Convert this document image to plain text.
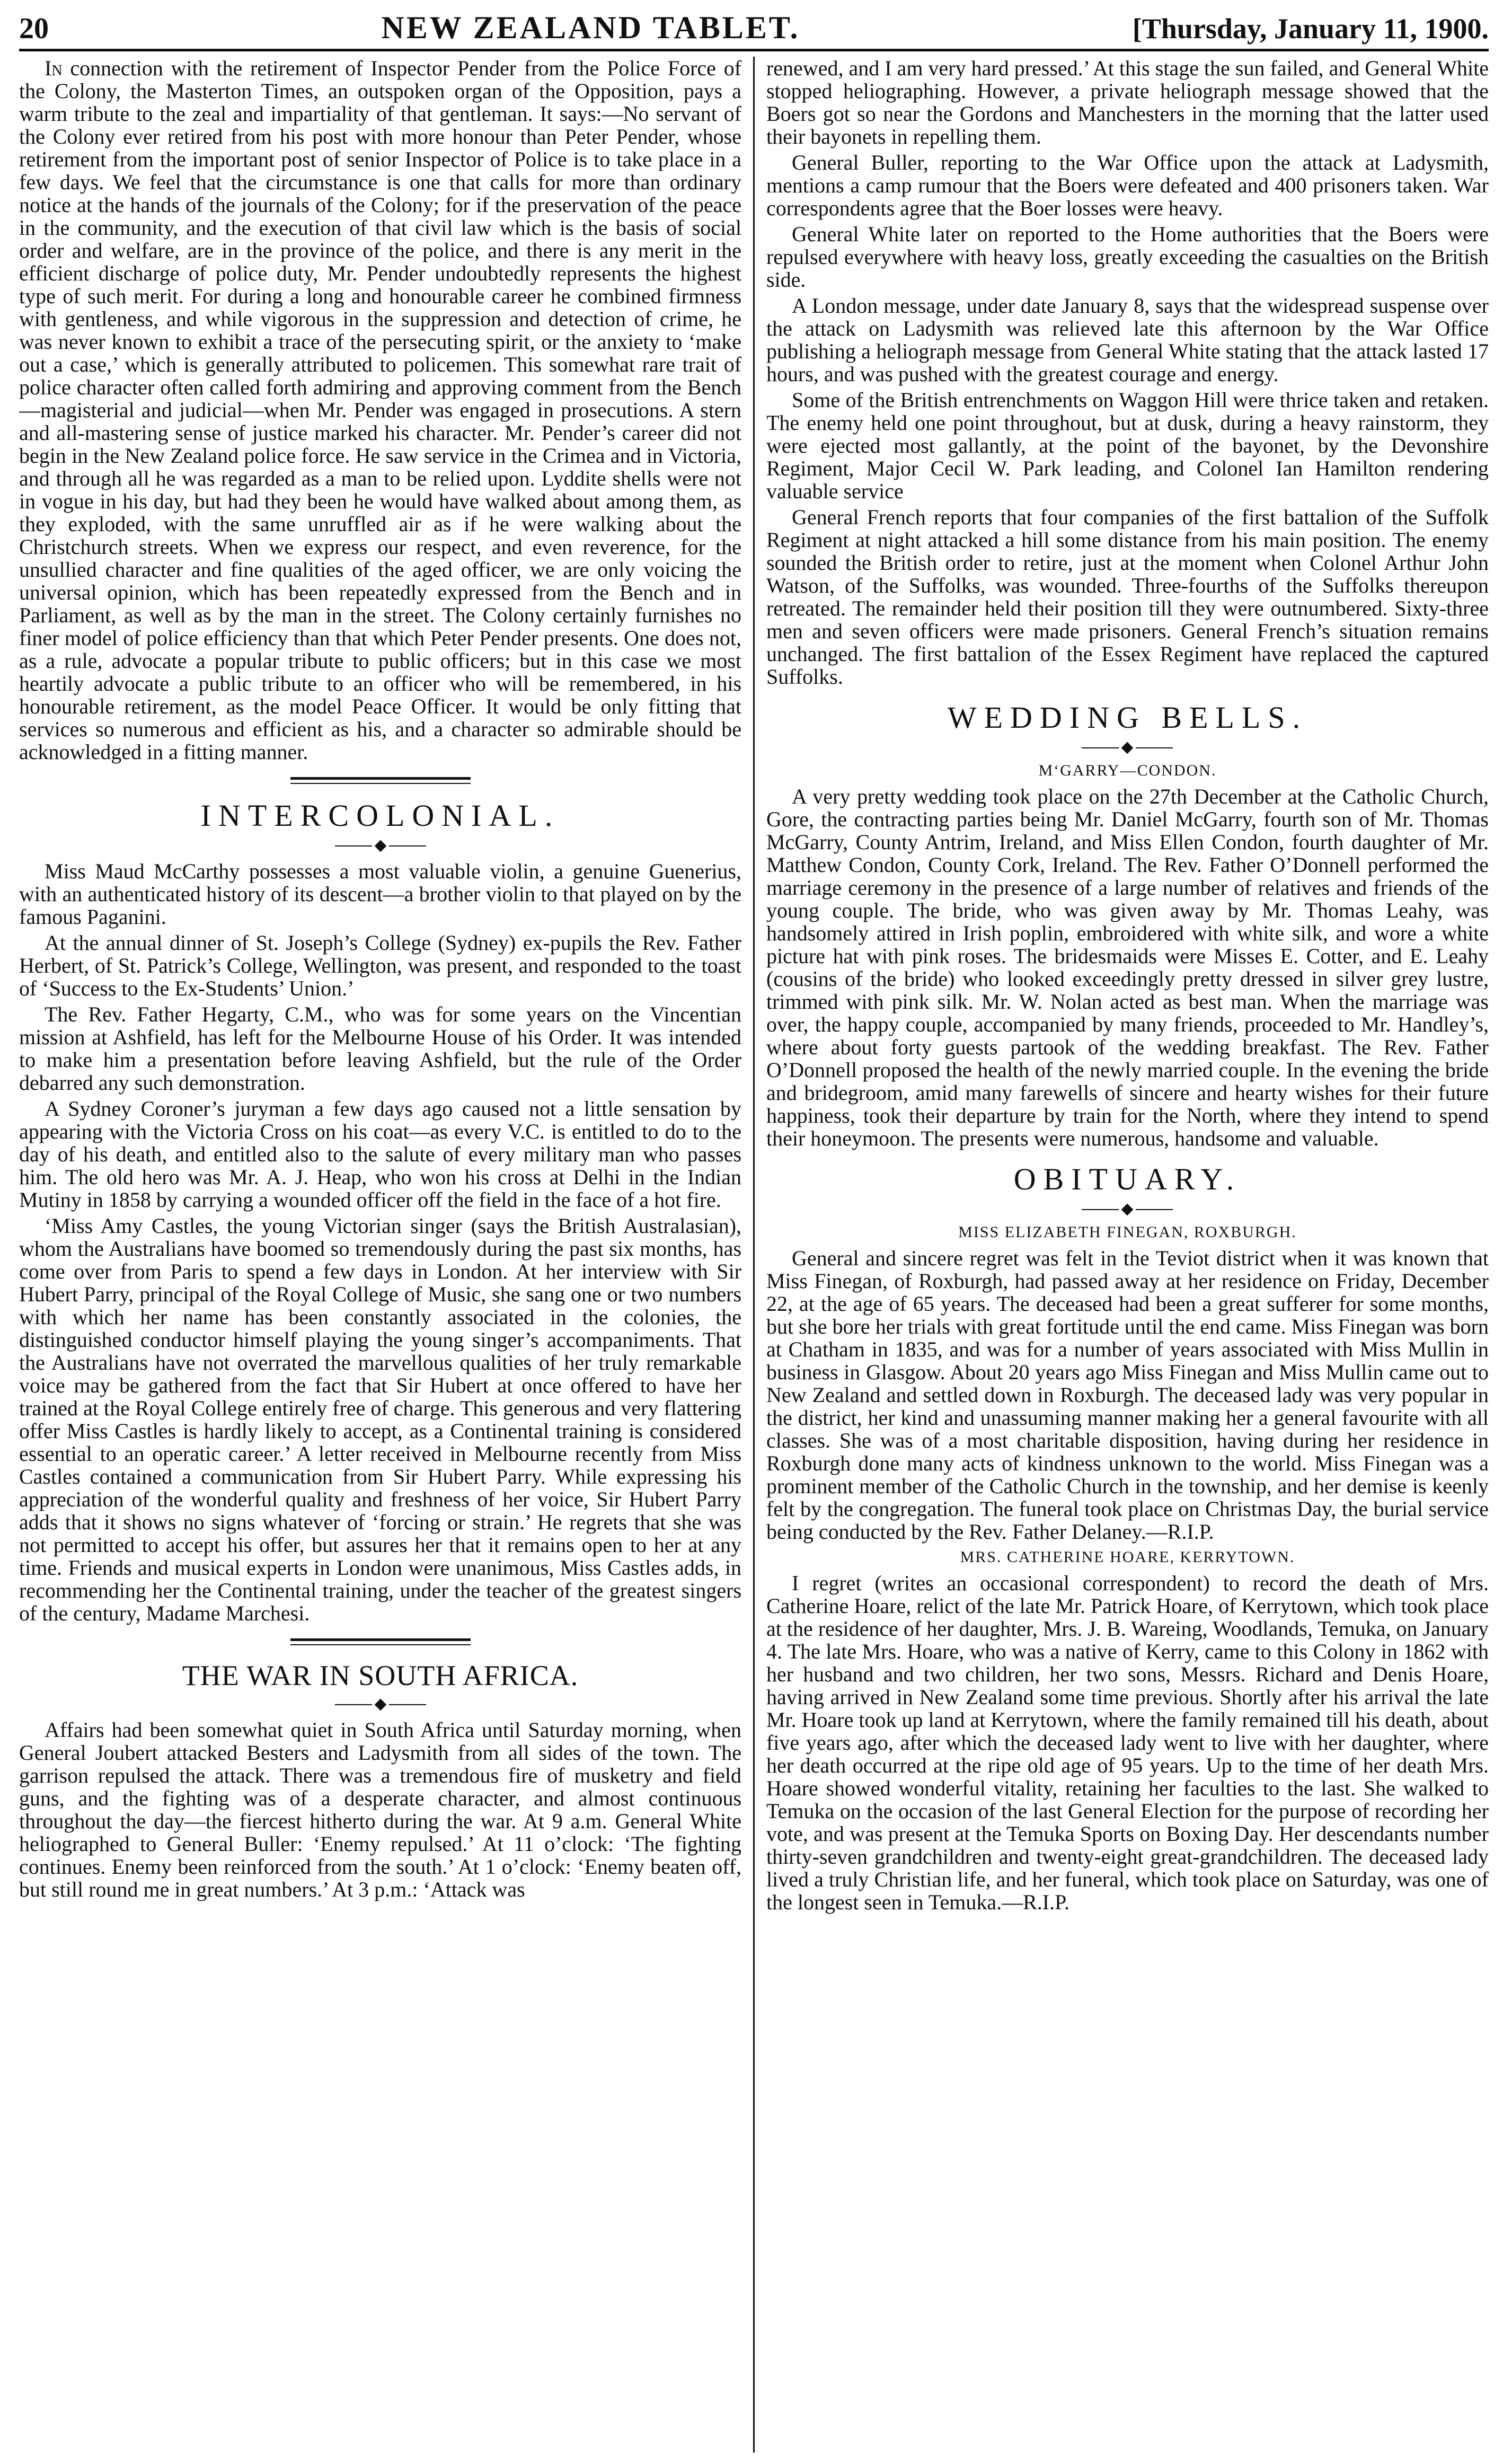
20	NEW ZEALAND TABLET.	[Thursday, January 11, 1900.

In connection with the retirement of Inspector Pender from the Police Force of the Colony, the Masterton Times, an outspoken organ of the Opposition, pays a warm tribute to the zeal and impartiality of that gentleman. It says:—No servant of the Colony ever retired from his post with more honour than Peter Pender, whose retirement from the important post of senior Inspector of Police is to take place in a few days. We feel that the circumstance is one that calls for more than ordinary notice at the hands of the journals of the Colony; for if the preservation of the peace in the community, and the execution of that civil law which is the basis of social order and welfare, are in the province of the police, and there is any merit in the efficient discharge of police duty, Mr. Pender undoubtedly represents the highest type of such merit. For during a long and honourable career he combined firmness with gentleness, and while vigorous in the suppression and detection of crime, he was never known to exhibit a trace of the persecuting spirit, or the anxiety to ‘make out a case,’ which is generally attributed to policemen. This somewhat rare trait of police character often called forth admiring and approving comment from the Bench—magisterial and judicial—when Mr. Pender was engaged in prosecutions. A stern and all-mastering sense of justice marked his character. Mr. Pender’s career did not begin in the New Zealand police force. He saw service in the Crimea and in Victoria, and through all he was regarded as a man to be relied upon. Lyddite shells were not in vogue in his day, but had they been he would have walked about among them, as they exploded, with the same unruffled air as if he were walking about the Christchurch streets. When we express our respect, and even reverence, for the unsullied character and fine qualities of the aged officer, we are only voicing the universal opinion, which has been repeatedly expressed from the Bench and in Parliament, as well as by the man in the street. The Colony certainly furnishes no finer model of police efficiency than that which Peter Pender presents. One does not, as a rule, advocate a popular tribute to public officers; but in this case we most heartily advocate a public tribute to an officer who will be remembered, in his honourable retirement, as the model Peace Officer. It would be only fitting that services so numerous and efficient as his, and a character so admirable should be acknowledged in a fitting manner.

INTERCOLONIAL.

Miss Maud McCarthy possesses a most valuable violin, a genuine Guenerius, with an authenticated history of its descent—a brother violin to that played on by the famous Paganini.

At the annual dinner of St. Joseph’s College (Sydney) ex-pupils the Rev. Father Herbert, of St. Patrick’s College, Wellington, was present, and responded to the toast of ‘Success to the Ex-Students’ Union.’

The Rev. Father Hegarty, C.M., who was for some years on the Vincentian mission at Ashfield, has left for the Melbourne House of his Order. It was intended to make him a presentation before leaving Ashfield, but the rule of the Order debarred any such demonstration.

A Sydney Coroner’s juryman a few days ago caused not a little sensation by appearing with the Victoria Cross on his coat—as every V.C. is entitled to do to the day of his death, and entitled also to the salute of every military man who passes him. The old hero was Mr. A. J. Heap, who won his cross at Delhi in the Indian Mutiny in 1858 by carrying a wounded officer off the field in the face of a hot fire.

‘Miss Amy Castles, the young Victorian singer (says the British Australasian), whom the Australians have boomed so tremendously during the past six months, has come over from Paris to spend a few days in London. At her interview with Sir Hubert Parry, principal of the Royal College of Music, she sang one or two numbers with which her name has been constantly associated in the colonies, the distinguished conductor himself playing the young singer’s accompaniments. That the Australians have not overrated the marvellous qualities of her truly remarkable voice may be gathered from the fact that Sir Hubert at once offered to have her trained at the Royal College entirely free of charge. This generous and very flattering offer Miss Castles is hardly likely to accept, as a Continental training is considered essential to an operatic career.’ A letter received in Melbourne recently from Miss Castles contained a communication from Sir Hubert Parry. While expressing his appreciation of the wonderful quality and freshness of her voice, Sir Hubert Parry adds that it shows no signs whatever of ‘forcing or strain.’ He regrets that she was not permitted to accept his offer, but assures her that it remains open to her at any time. Friends and musical experts in London were unanimous, Miss Castles adds, in recommending her the Continental training, under the teacher of the greatest singers of the century, Madame Marchesi.

THE WAR IN SOUTH AFRICA.

Affairs had been somewhat quiet in South Africa until Saturday morning, when General Joubert attacked Besters and Ladysmith from all sides of the town. The garrison repulsed the attack. There was a tremendous fire of musketry and field guns, and the fighting was of a desperate character, and almost continuous throughout the day—the fiercest hitherto during the war. At 9 a.m. General White heliographed to General Buller: ‘Enemy repulsed.’ At 11 o’clock: ‘The fighting continues. Enemy been reinforced from the south.’ At 1 o’clock: ‘Enemy beaten off, but still round me in great numbers.’ At 3 p.m.: ‘Attack was

renewed, and I am very hard pressed.’ At this stage the sun failed, and General White stopped heliographing. However, a private heliograph message showed that the Boers got so near the Gordons and Manchesters in the morning that the latter used their bayonets in repelling them.

General Buller, reporting to the War Office upon the attack at Ladysmith, mentions a camp rumour that the Boers were defeated and 400 prisoners taken. War correspondents agree that the Boer losses were heavy.

General White later on reported to the Home authorities that the Boers were repulsed everywhere with heavy loss, greatly exceeding the casualties on the British side.

A London message, under date January 8, says that the widespread suspense over the attack on Ladysmith was relieved late this afternoon by the War Office publishing a heliograph message from General White stating that the attack lasted 17 hours, and was pushed with the greatest courage and energy.

Some of the British entrenchments on Waggon Hill were thrice taken and retaken. The enemy held one point throughout, but at dusk, during a heavy rainstorm, they were ejected most gallantly, at the point of the bayonet, by the Devonshire Regiment, Major Cecil W. Park leading, and Colonel Ian Hamilton rendering valuable service

General French reports that four companies of the first battalion of the Suffolk Regiment at night attacked a hill some distance from his main position. The enemy sounded the British order to retire, just at the moment when Colonel Arthur John Watson, of the Suffolks, was wounded. Three-fourths of the Suffolks thereupon retreated. The remainder held their position till they were outnumbered. Sixty-three men and seven officers were made prisoners. General French’s situation remains unchanged. The first battalion of the Essex Regiment have replaced the captured Suffolks.

WEDDING BELLS.
M‘GARRY—CONDON.

A very pretty wedding took place on the 27th December at the Catholic Church, Gore, the contracting parties being Mr. Daniel McGarry, fourth son of Mr. Thomas McGarry, County Antrim, Ireland, and Miss Ellen Condon, fourth daughter of Mr. Matthew Condon, County Cork, Ireland. The Rev. Father O’Donnell performed the marriage ceremony in the presence of a large number of relatives and friends of the young couple. The bride, who was given away by Mr. Thomas Leahy, was handsomely attired in Irish poplin, embroidered with white silk, and wore a white picture hat with pink roses. The bridesmaids were Misses E. Cotter, and E. Leahy (cousins of the bride) who looked exceedingly pretty dressed in silver grey lustre, trimmed with pink silk. Mr. W. Nolan acted as best man. When the marriage was over, the happy couple, accompanied by many friends, proceeded to Mr. Handley’s, where about forty guests partook of the wedding breakfast. The Rev. Father O’Donnell proposed the health of the newly married couple. In the evening the bride and bridegroom, amid many farewells of sincere and hearty wishes for their future happiness, took their departure by train for the North, where they intend to spend their honeymoon. The presents were numerous, handsome and valuable.

OBITUARY.
MISS ELIZABETH FINEGAN, ROXBURGH.

General and sincere regret was felt in the Teviot district when it was known that Miss Finegan, of Roxburgh, had passed away at her residence on Friday, December 22, at the age of 65 years. The deceased had been a great sufferer for some months, but she bore her trials with great fortitude until the end came. Miss Finegan was born at Chatham in 1835, and was for a number of years associated with Miss Mullin in business in Glasgow. About 20 years ago Miss Finegan and Miss Mullin came out to New Zealand and settled down in Roxburgh. The deceased lady was very popular in the district, her kind and unassuming manner making her a general favourite with all classes. She was of a most charitable disposition, having during her residence in Roxburgh done many acts of kindness unknown to the world. Miss Finegan was a prominent member of the Catholic Church in the township, and her demise is keenly felt by the congregation. The funeral took place on Christmas Day, the burial service being conducted by the Rev. Father Delaney.—R.I.P.

MRS. CATHERINE HOARE, KERRYTOWN.

I regret (writes an occasional correspondent) to record the death of Mrs. Catherine Hoare, relict of the late Mr. Patrick Hoare, of Kerrytown, which took place at the residence of her daughter, Mrs. J. B. Wareing, Woodlands, Temuka, on January 4. The late Mrs. Hoare, who was a native of Kerry, came to this Colony in 1862 with her husband and two children, her two sons, Messrs. Richard and Denis Hoare, having arrived in New Zealand some time previous. Shortly after his arrival the late Mr. Hoare took up land at Kerrytown, where the family remained till his death, about five years ago, after which the deceased lady went to live with her daughter, where her death occurred at the ripe old age of 95 years. Up to the time of her death Mrs. Hoare showed wonderful vitality, retaining her faculties to the last. She walked to Temuka on the occasion of the last General Election for the purpose of recording her vote, and was present at the Temuka Sports on Boxing Day. Her descendants number thirty-seven grandchildren and twenty-eight great-grandchildren. The deceased lady lived a truly Christian life, and her funeral, which took place on Saturday, was one of the longest seen in Temuka.—R.I.P.
